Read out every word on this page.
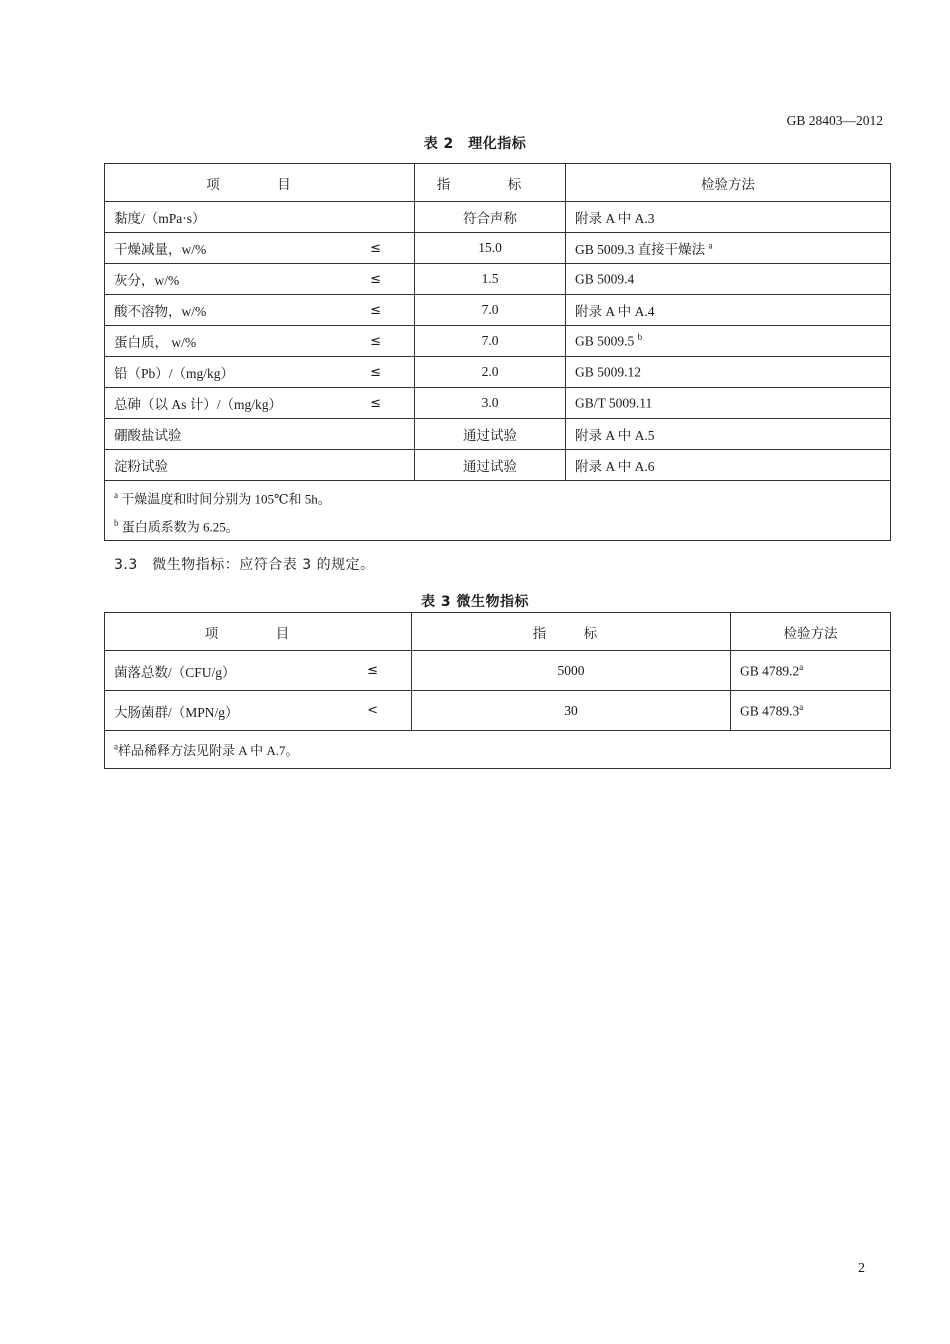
GB 28403—2012
表 2　理化指标
项　目	指　标	检验方法

黏度/（mPa·s）	符合声称	附录 A 中 A.3

干燥减量，w/% ≤	15.0	GB 5009.3 直接干燥法 $^a$

灰分，w/% ≤	1.5	GB 5009.4

酸不溶物，w/% ≤	7.0	附录 A 中 A.4

蛋白质， w/% ≤	7.0	GB 5009.5 $^b$

铅（Pb）/（mg/kg） ≤	2.0	GB 5009.12

总砷（以 As 计）/（mg/kg） ≤	3.0	GB/T 5009.11

硼酸盐试验	通过试验	附录 A 中 A.5

淀粉试验	通过试验	附录 A 中 A.6

$^a$ 干燥温度和时间分别为 105℃和 5h。
$^b$ 蛋白质系数为 6.25。		
3.3　微生物指标：应符合表 3 的规定。
表 3 微生物指标
项　目	指　标	检验方法

菌落总数/（CFU/g） ≤	5000	GB 4789.2$^a$

大肠菌群/（MPN/g） <	30	GB 4789.3$^a$
$^a$样品稀释方法见附录 A 中 A.7。		
2
